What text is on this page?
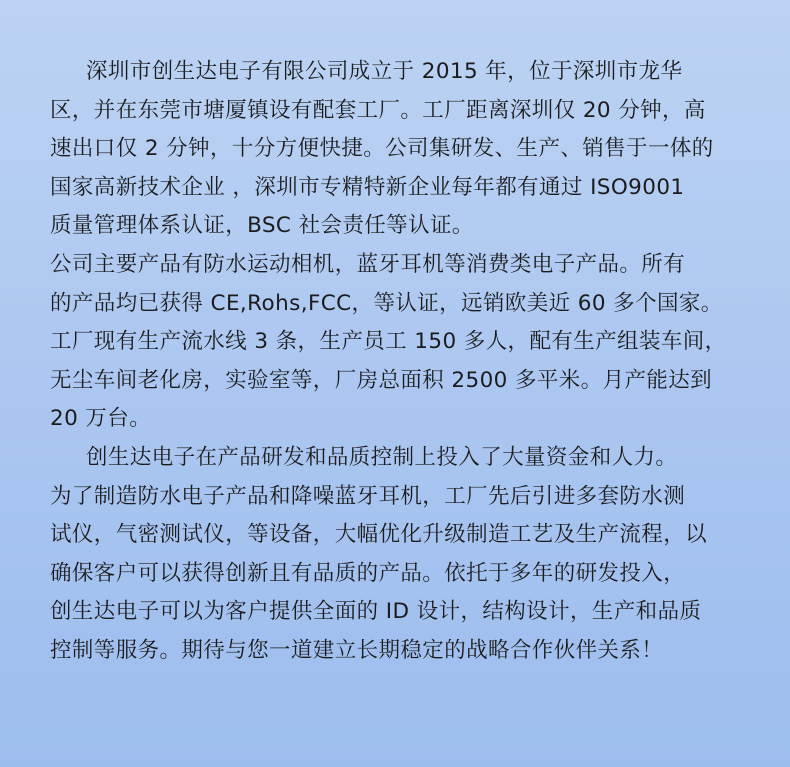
深圳市创生达电子有限公司成立于 2015 年，位于深圳市龙华
区，并在东莞市塘厦镇设有配套工厂。工厂距离深圳仅 20 分钟，高
速出口仅 2 分钟，十分方便快捷。公司集研发、生产、销售于一体的
国家高新技术企业 ，深圳市专精特新企业每年都有通过 ISO9001
质量管理体系认证，BSC 社会责任等认证。
公司主要产品有防水运动相机，蓝牙耳机等消费类电子产品。所有
的产品均已获得 CE,Rohs,FCC，等认证，远销欧美近 60 多个国家。
工厂现有生产流水线 3 条，生产员工 150 多人，配有生产组装车间，
无尘车间老化房，实验室等，厂房总面积 2500 多平米。月产能达到
20 万台。
创生达电子在产品研发和品质控制上投入了大量资金和人力。
为了制造防水电子产品和降噪蓝牙耳机，工厂先后引进多套防水测
试仪，气密测试仪，等设备，大幅优化升级制造工艺及生产流程，以
确保客户可以获得创新且有品质的产品。依托于多年的研发投入，
创生达电子可以为客户提供全面的 ID 设计，结构设计，生产和品质
控制等服务。期待与您一道建立长期稳定的战略合作伙伴关系！
